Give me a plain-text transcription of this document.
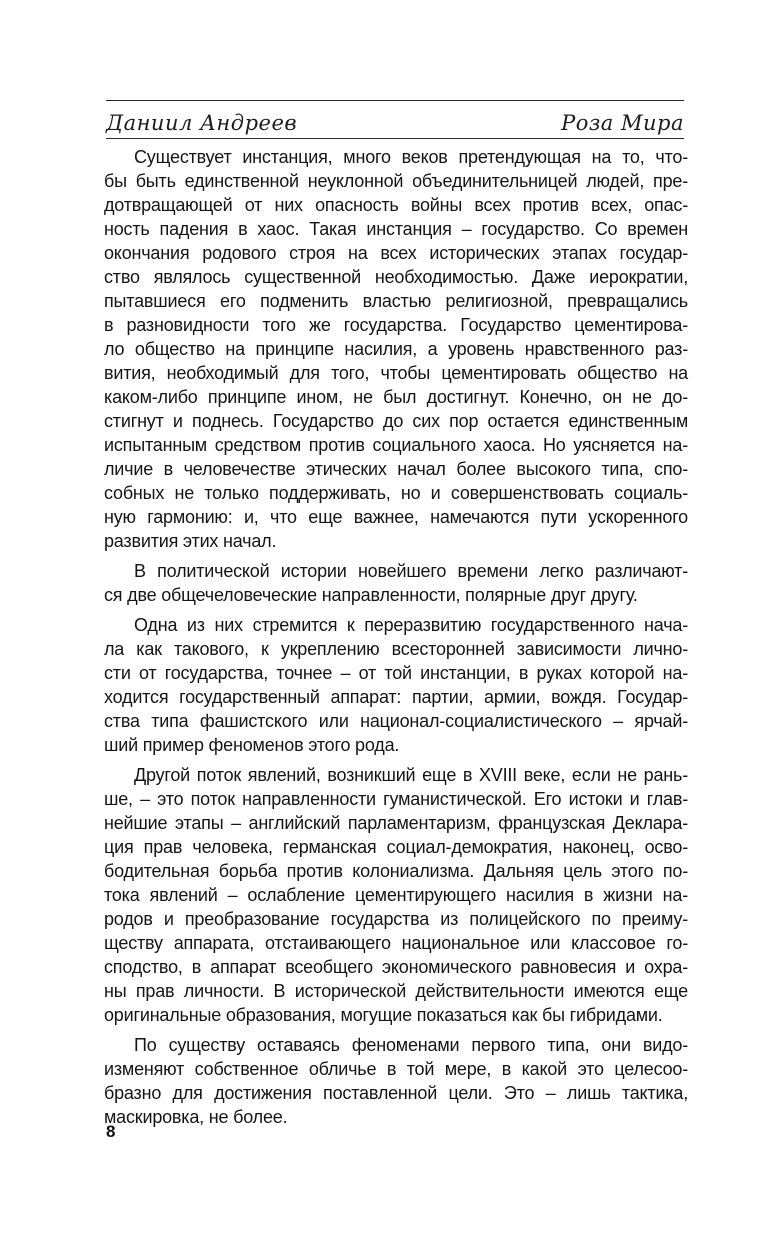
Даниил Андреев	Роза Мира
Существует инстанция, много веков претендующая на то, что-
бы быть единственной неуклонной объединительницей людей, пре-
дотвращающей от них опасность войны всех против всех, опас-
ность падения в хаос. Такая инстанция – государство. Со времен
окончания родового строя на всех исторических этапах государ-
ство являлось существенной необходимостью. Даже иерократии,
пытавшиеся его подменить властью религиозной, превращались
в разновидности того же государства. Государство цементирова-
ло общество на принципе насилия, а уровень нравственного раз-
вития, необходимый для того, чтобы цементировать общество на
каком-либо принципе ином, не был достигнут. Конечно, он не до-
стигнут и поднесь. Государство до сих пор остается единственным
испытанным средством против социального хаоса. Но уясняется на-
личие в человечестве этических начал более высокого типа, спо-
собных не только поддерживать, но и совершенствовать социаль-
ную гармонию: и, что еще важнее, намечаются пути ускоренного
развития этих начал.
В политической истории новейшего времени легко различают-
ся две общечеловеческие направленности, полярные друг другу.
Одна из них стремится к переразвитию государственного нача-
ла как такового, к укреплению всесторонней зависимости лично-
сти от государства, точнее – от той инстанции, в руках которой на-
ходится государственный аппарат: партии, армии, вождя. Государ-
ства типа фашистского или национал-социалистического – ярчай-
ший пример феноменов этого рода.
Другой поток явлений, возникший еще в XVIII веке, если не рань-
ше, – это поток направленности гуманистической. Его истоки и глав-
нейшие этапы – английский парламентаризм, французская Деклара-
ция прав человека, германская социал-демократия, наконец, осво-
бодительная борьба против колониализма. Дальняя цель этого по-
тока явлений – ослабление цементирующего насилия в жизни на-
родов и преобразование государства из полицейского по преиму-
ществу аппарата, отстаивающего национальное или классовое го-
сподство, в аппарат всеобщего экономического равновесия и охра-
ны прав личности. В исторической действительности имеются еще
оригинальные образования, могущие показаться как бы гибридами.
По существу оставаясь феноменами первого типа, они видо-
изменяют собственное обличье в той мере, в какой это целесоо-
бразно для достижения поставленной цели. Это – лишь тактика,
маскировка, не более.
8
